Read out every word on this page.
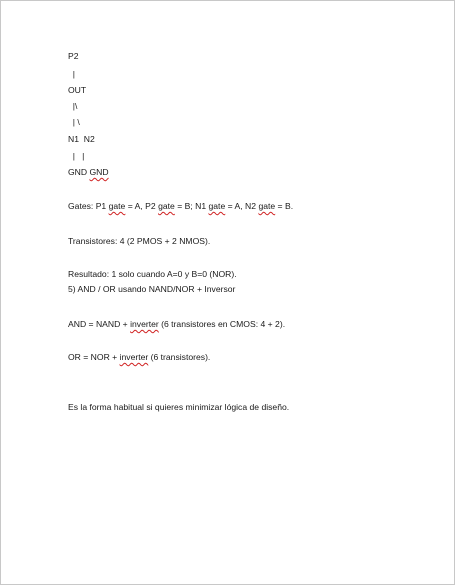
P2
|
OUT
|\
| \
N1  N2
|   |
GND GND
Gates: P1 gate = A, P2 gate = B; N1 gate = A, N2 gate = B.
Transistores: 4 (2 PMOS + 2 NMOS).
Resultado: 1 solo cuando A=0 y B=0 (NOR).
5) AND / OR usando NAND/NOR + Inversor
AND = NAND + inverter (6 transistores en CMOS: 4 + 2).
OR = NOR + inverter (6 transistores).
Es la forma habitual si quieres minimizar lógica de diseño.
